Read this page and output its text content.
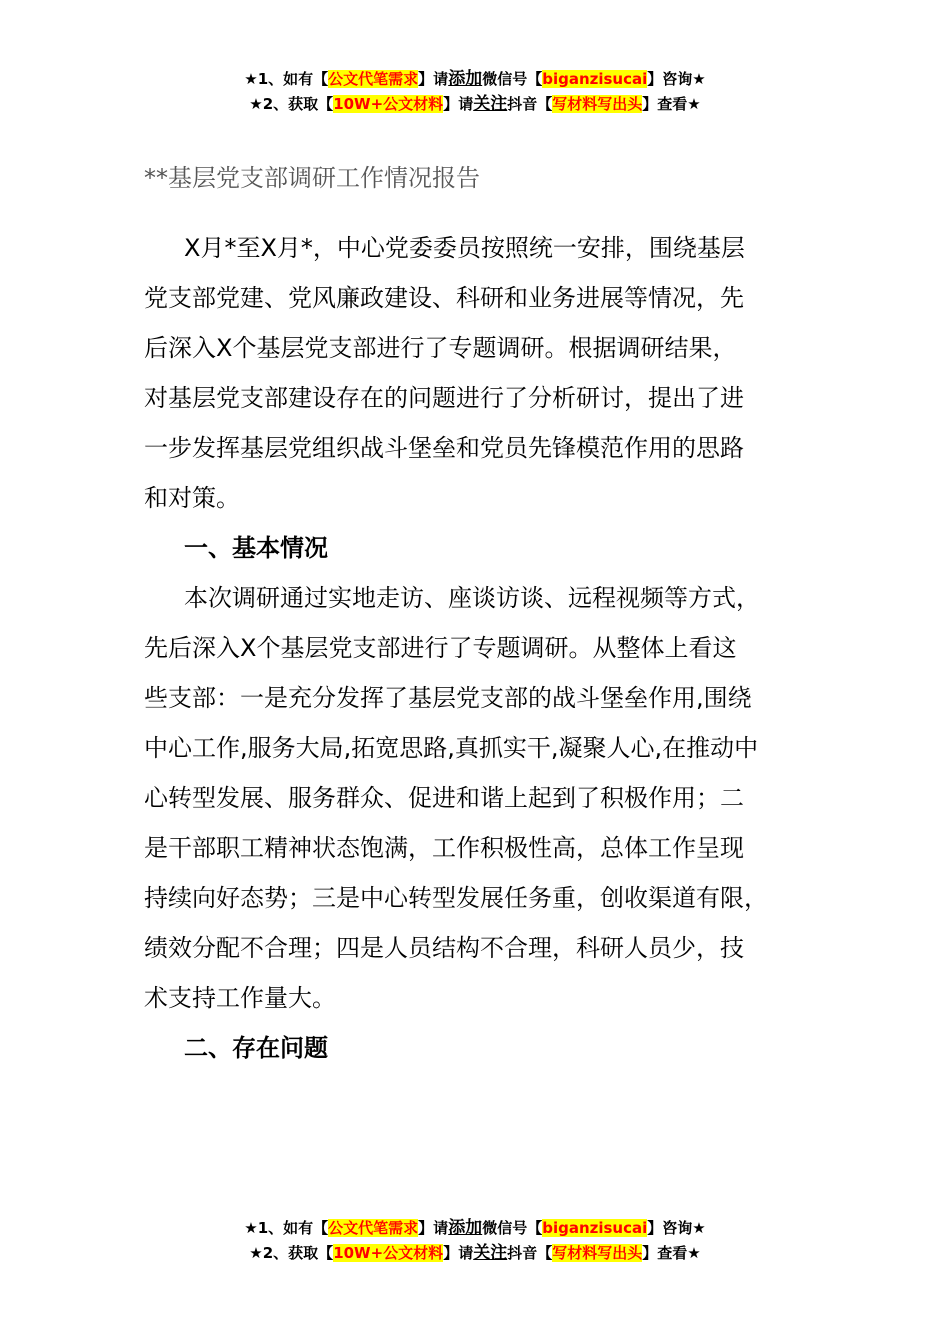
★1、如有【公文代笔需求】请添加微信号【biganzisucai】咨询★
★2、获取【10W+公文材料】请关注抖音【写材料写出头】查看★
**基层党支部调研工作情况报告

X月*至X月*，中心党委委员按照统一安排，围绕基层
党支部党建、党风廉政建设、科研和业务进展等情况，先
后深入X个基层党支部进行了专题调研。根据调研结果，
对基层党支部建设存在的问题进行了分析研讨，提出了进
一步发挥基层党组织战斗堡垒和党员先锋模范作用的思路
和对策。

一、基本情况

本次调研通过实地走访、座谈访谈、远程视频等方式，
先后深入X个基层党支部进行了专题调研。从整体上看这
些支部：一是充分发挥了基层党支部的战斗堡垒作用,围绕
中心工作,服务大局,拓宽思路,真抓实干,凝聚人心,在推动中
心转型发展、服务群众、促进和谐上起到了积极作用；二
是干部职工精神状态饱满，工作积极性高，总体工作呈现
持续向好态势；三是中心转型发展任务重，创收渠道有限，
绩效分配不合理；四是人员结构不合理，科研人员少，技
术支持工作量大。

二、存在问题

★1、如有【公文代笔需求】请添加微信号【biganzisucai】咨询★
★2、获取【10W+公文材料】请关注抖音【写材料写出头】查看★
